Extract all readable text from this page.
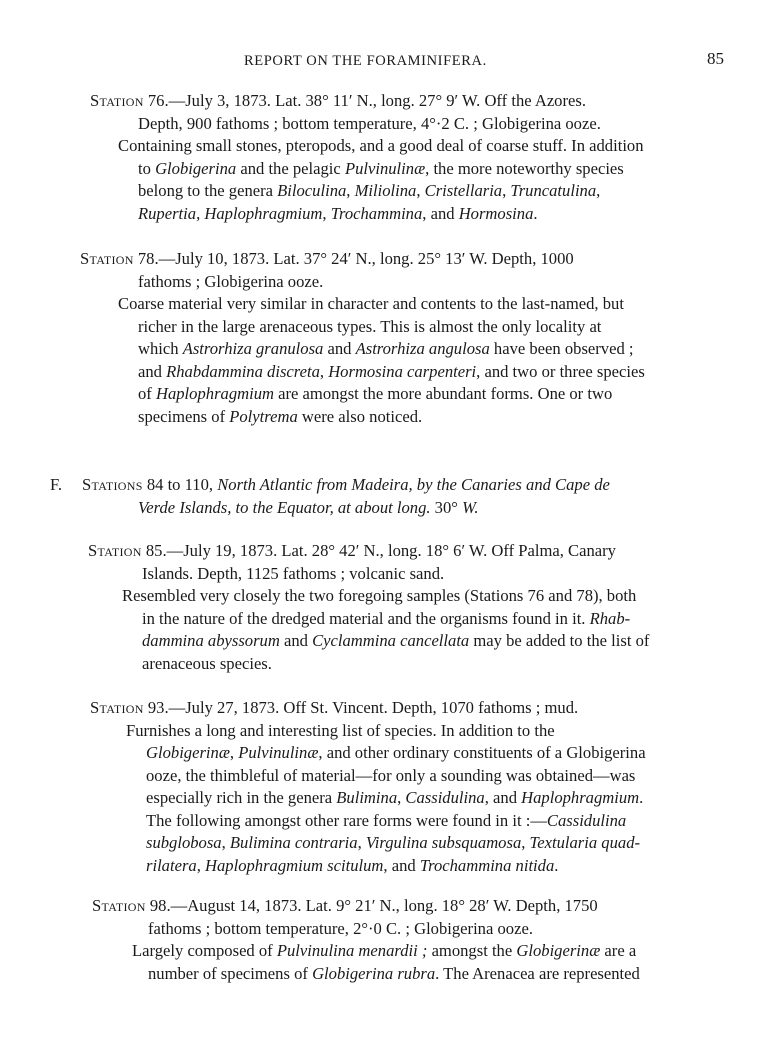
REPORT ON THE FORAMINIFERA.	85
Station 76.—July 3, 1873. Lat. 38° 11′ N., long. 27° 9′ W. Off the Azores.
Depth, 900 fathoms ; bottom temperature, 4°·2 C. ; Globigerina ooze.
Containing small stones, pteropods, and a good deal of coarse stuff. In addition
to Globigerina and the pelagic Pulvinulinæ, the more noteworthy species
belong to the genera Biloculina, Miliolina, Cristellaria, Truncatulina,
Rupertia, Haplophragmium, Trochammina, and Hormosina.
Station 78.—July 10, 1873. Lat. 37° 24′ N., long. 25° 13′ W. Depth, 1000
fathoms ; Globigerina ooze.
Coarse material very similar in character and contents to the last-named, but
richer in the large arenaceous types. This is almost the only locality at
which Astrorhiza granulosa and Astrorhiza angulosa have been observed ;
and Rhabdammina discreta, Hormosina carpenteri, and two or three species
of Haplophragmium are amongst the more abundant forms. One or two
specimens of Polytrema were also noticed.
F. Stations 84 to 110, North Atlantic from Madeira, by the Canaries and Cape de
Verde Islands, to the Equator, at about long. 30° W.
Station 85.—July 19, 1873. Lat. 28° 42′ N., long. 18° 6′ W. Off Palma, Canary
Islands. Depth, 1125 fathoms ; volcanic sand.
Resembled very closely the two foregoing samples (Stations 76 and 78), both
in the nature of the dredged material and the organisms found in it. Rhab-
dammina abyssorum and Cyclammina cancellata may be added to the list of
arenaceous species.
Station 93.—July 27, 1873. Off St. Vincent. Depth, 1070 fathoms ; mud.
Furnishes a long and interesting list of species. In addition to the
Globigerinæ, Pulvinulinæ, and other ordinary constituents of a Globigerina
ooze, the thimbleful of material—for only a sounding was obtained—was
especially rich in the genera Bulimina, Cassidulina, and Haplophragmium.
The following amongst other rare forms were found in it :—Cassidulina
subglobosa, Bulimina contraria, Virgulina subsquamosa, Textularia quad-
rilatera, Haplophragmium scitulum, and Trochammina nitida.
Station 98.—August 14, 1873. Lat. 9° 21′ N., long. 18° 28′ W. Depth, 1750
fathoms ; bottom temperature, 2°·0 C. ; Globigerina ooze.
Largely composed of Pulvinulina menardii ; amongst the Globigerinæ are a
number of specimens of Globigerina rubra. The Arenacea are represented
